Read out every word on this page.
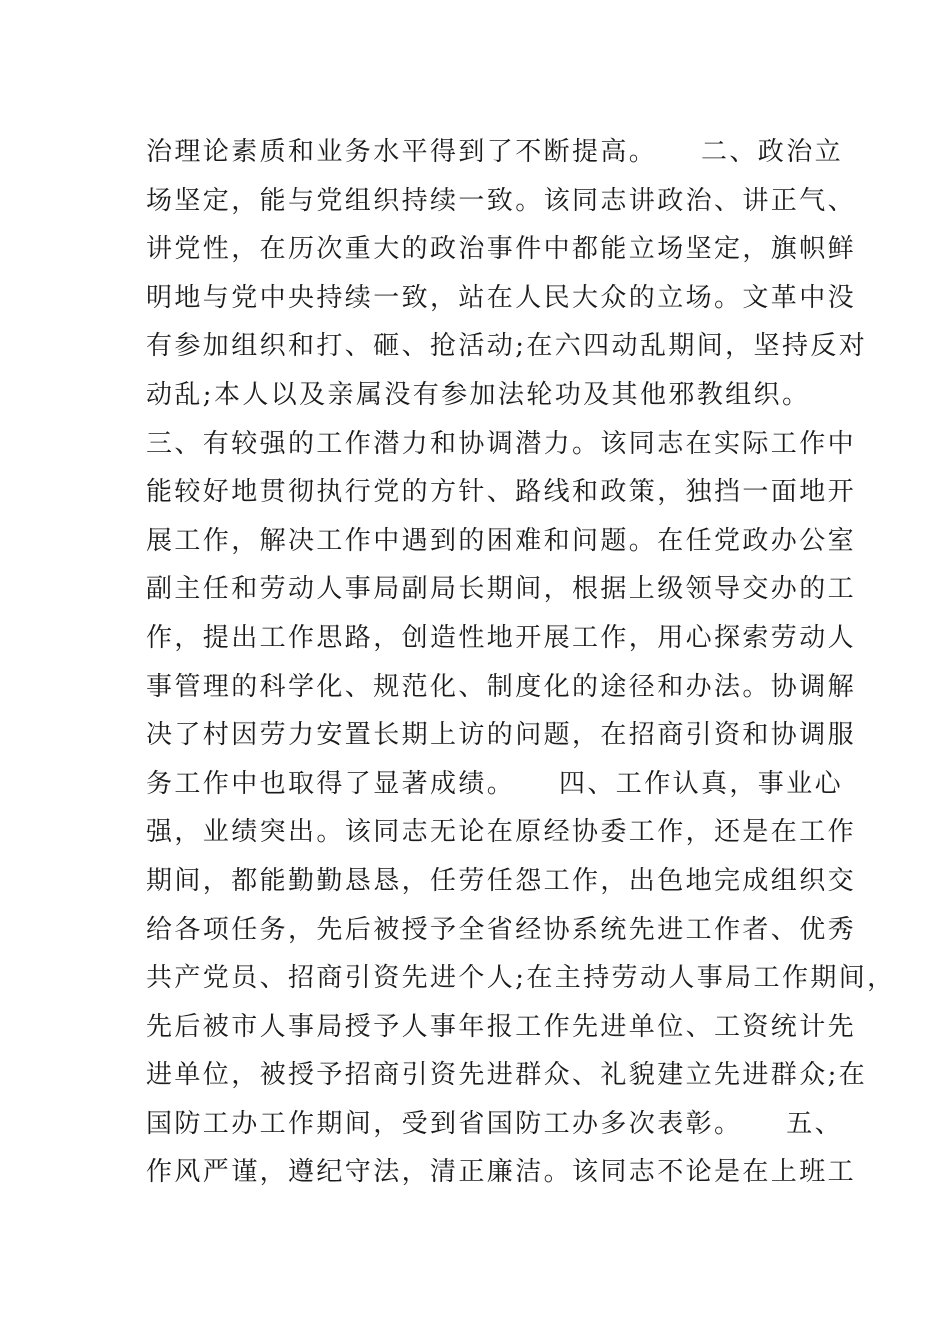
治理论素质和业务水平得到了不断提高。　　二、政治立
场坚定，能与党组织持续一致。该同志讲政治、讲正气、
讲党性，在历次重大的政治事件中都能立场坚定，旗帜鲜
明地与党中央持续一致，站在人民大众的立场。文革中没
有参加组织和打、砸、抢活动;在六四动乱期间，坚持反对
动乱;本人以及亲属没有参加法轮功及其他邪教组织。
三、有较强的工作潜力和协调潜力。该同志在实际工作中
能较好地贯彻执行党的方针、路线和政策，独挡一面地开
展工作，解决工作中遇到的困难和问题。在任党政办公室
副主任和劳动人事局副局长期间，根据上级领导交办的工
作，提出工作思路，创造性地开展工作，用心探索劳动人
事管理的科学化、规范化、制度化的途径和办法。协调解
决了村因劳力安置长期上访的问题，在招商引资和协调服
务工作中也取得了显著成绩。　　四、工作认真，事业心
强，业绩突出。该同志无论在原经协委工作，还是在工作
期间，都能勤勤恳恳，任劳任怨工作，出色地完成组织交
给各项任务，先后被授予全省经协系统先进工作者、优秀
共产党员、招商引资先进个人;在主持劳动人事局工作期间，
先后被市人事局授予人事年报工作先进单位、工资统计先
进单位，被授予招商引资先进群众、礼貌建立先进群众;在
国防工办工作期间，受到省国防工办多次表彰。　　五、
作风严谨，遵纪守法，清正廉洁。该同志不论是在上班工
